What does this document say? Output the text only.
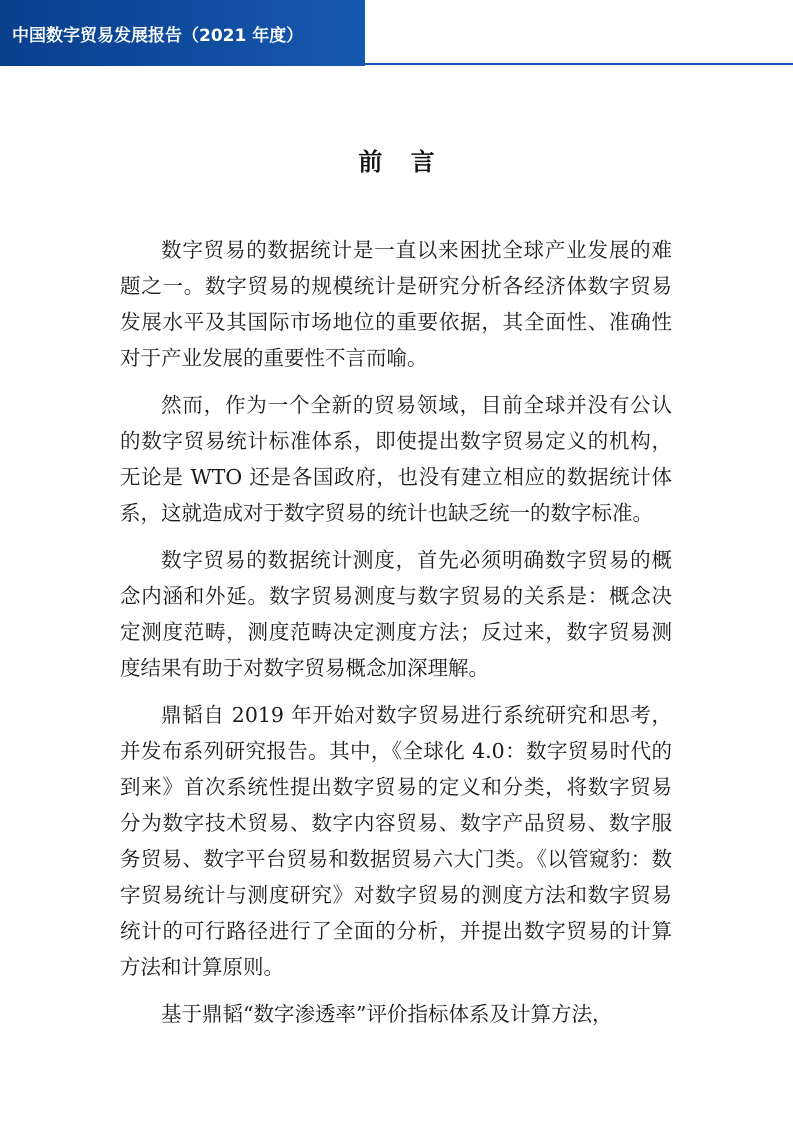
中国数字贸易发展报告（2021 年度）
前 言

数字贸易的数据统计是一直以来困扰全球产业发展的难题之一。数字贸易的规模统计是研究分析各经济体数字贸易发展水平及其国际市场地位的重要依据，其全面性、准确性对于产业发展的重要性不言而喻。

然而，作为一个全新的贸易领域，目前全球并没有公认的数字贸易统计标准体系，即使提出数字贸易定义的机构，无论是 WTO 还是各国政府，也没有建立相应的数据统计体系，这就造成对于数字贸易的统计也缺乏统一的数字标准。

数字贸易的数据统计测度，首先必须明确数字贸易的概念内涵和外延。数字贸易测度与数字贸易的关系是：概念决定测度范畴，测度范畴决定测度方法；反过来，数字贸易测度结果有助于对数字贸易概念加深理解。

鼎韬自 2019 年开始对数字贸易进行系统研究和思考，并发布系列研究报告。其中，《全球化 4.0：数字贸易时代的到来》首次系统性提出数字贸易的定义和分类，将数字贸易分为数字技术贸易、数字内容贸易、数字产品贸易、数字服务贸易、数字平台贸易和数据贸易六大门类。《以管窥豹：数字贸易统计与测度研究》对数字贸易的测度方法和数字贸易统计的可行路径进行了全面的分析，并提出数字贸易的计算方法和计算原则。

基于鼎韬“数字渗透率”评价指标体系及计算方法，
